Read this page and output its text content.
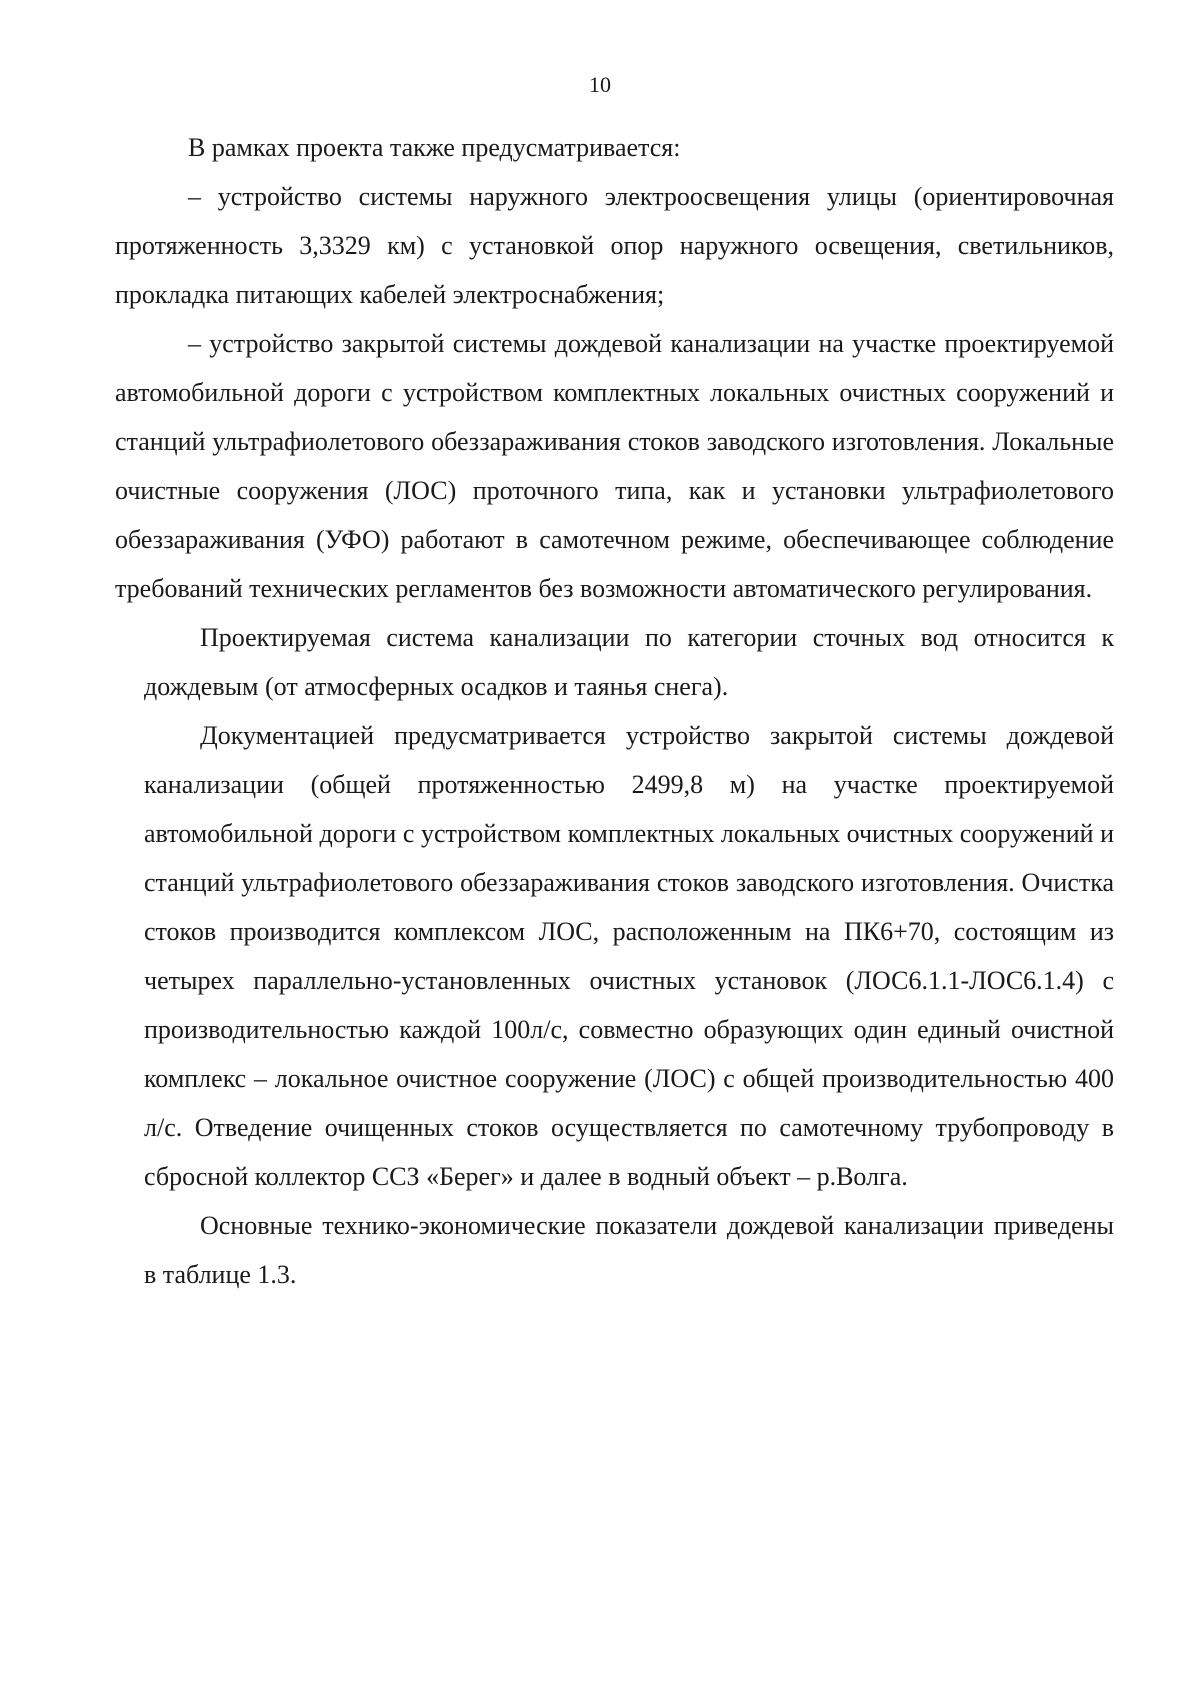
10

В рамках проекта также предусматривается:

– устройство системы наружного электроосвещения улицы (ориентировочная протяженность 3,3329 км) с установкой опор наружного освещения, светильников, прокладка питающих кабелей электроснабжения;

– устройство закрытой системы дождевой канализации на участке проектируемой автомобильной дороги с устройством комплектных локальных очистных сооружений и станций ультрафиолетового обеззараживания стоков заводского изготовления. Локальные очистные сооружения (ЛОС) проточного типа, как и установки ультрафиолетового обеззараживания (УФО) работают в самотечном режиме, обеспечивающее соблюдение требований технических регламентов без возможности автоматического регулирования.

Проектируемая система канализации по категории сточных вод относится к дождевым (от атмосферных осадков и таянья снега).

Документацией предусматривается устройство закрытой системы дождевой канализации (общей протяженностью 2499,8 м) на участке проектируемой автомобильной дороги с устройством комплектных локальных очистных сооружений и станций ультрафиолетового обеззараживания стоков заводского изготовления. Очистка стоков производится комплексом ЛОС, расположенным на ПК6+70, состоящим из четырех параллельно-установленных очистных установок (ЛОС6.1.1-ЛОС6.1.4) с производительностью каждой 100л/с, совместно образующих один единый очистной комплекс – локальное очистное сооружение (ЛОС) с общей производительностью 400 л/с. Отведение очищенных стоков осуществляется по самотечному трубопроводу в сбросной коллектор ССЗ «Берег» и далее в водный объект – р.Волга.

Основные технико-экономические показатели дождевой канализации приведены в таблице 1.3.
